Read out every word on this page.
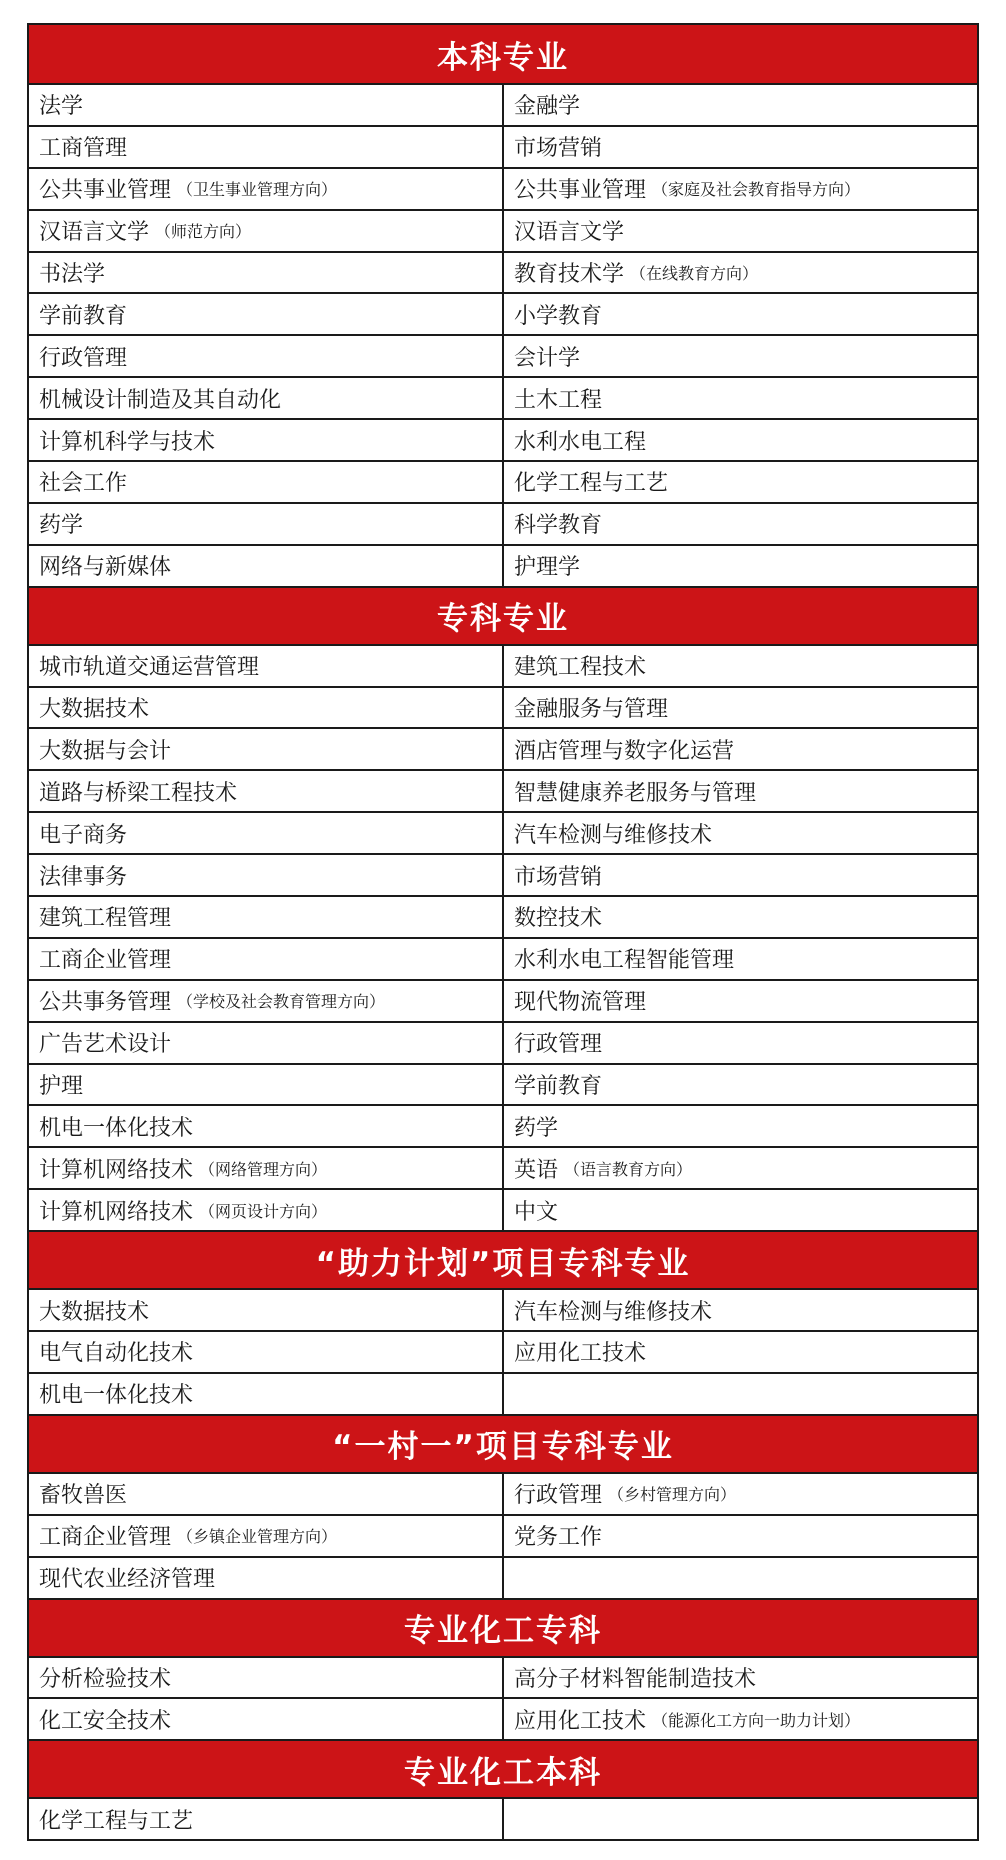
本科专业
法学	金融学
工商管理	市场营销
公共事业管理 （卫生事业管理方向）	公共事业管理 （家庭及社会教育指导方向）
汉语言文学 （师范方向）	汉语言文学
书法学	教育技术学 （在线教育方向）
学前教育	小学教育
行政管理	会计学
机械设计制造及其自动化	土木工程
计算机科学与技术	水利水电工程
社会工作	化学工程与工艺
药学	科学教育
网络与新媒体	护理学
专科专业
城市轨道交通运营管理	建筑工程技术
大数据技术	金融服务与管理
大数据与会计	酒店管理与数字化运营
道路与桥梁工程技术	智慧健康养老服务与管理
电子商务	汽车检测与维修技术
法律事务	市场营销
建筑工程管理	数控技术
工商企业管理	水利水电工程智能管理
公共事务管理 （学校及社会教育管理方向）	现代物流管理
广告艺术设计	行政管理
护理	学前教育
机电一体化技术	药学
计算机网络技术 （网络管理方向）	英语 （语言教育方向）
计算机网络技术 （网页设计方向）	中文
“助力计划”项目专科专业
大数据技术	汽车检测与维修技术
电气自动化技术	应用化工技术
机电一体化技术
“一村一”项目专科专业
畜牧兽医	行政管理 （乡村管理方向）
工商企业管理 （乡镇企业管理方向）	党务工作
现代农业经济管理
专业化工专科
分析检验技术	高分子材料智能制造技术
化工安全技术	应用化工技术 （能源化工方向一助力计划）
专业化工本科
化学工程与工艺
